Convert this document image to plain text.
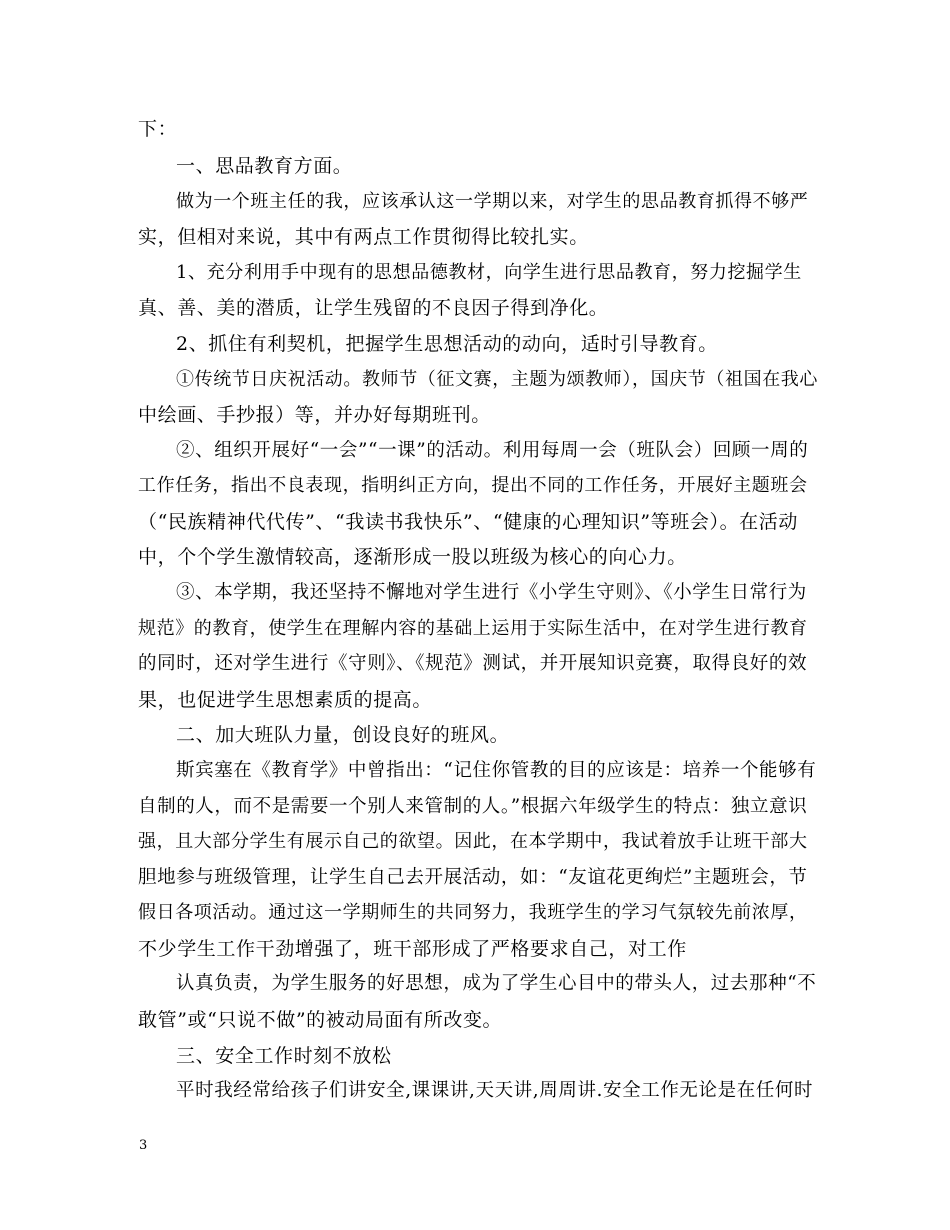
下：
一、思品教育方面。
做为一个班主任的我，应该承认这一学期以来，对学生的思品教育抓得不够严
实，但相对来说，其中有两点工作贯彻得比较扎实。
1、充分利用手中现有的思想品德教材，向学生进行思品教育，努力挖掘学生
真、善、美的潜质，让学生残留的不良因子得到净化。
2、抓住有利契机，把握学生思想活动的动向，适时引导教育。
①传统节日庆祝活动。教师节（征文赛，主题为颂教师），国庆节（祖国在我心
中绘画、手抄报）等，并办好每期班刊。
②、组织开展好“一会”“一课”的活动。利用每周一会（班队会）回顾一周的
工作任务，指出不良表现，指明纠正方向，提出不同的工作任务，开展好主题班会
（“民族精神代代传”、“我读书我快乐”、“健康的心理知识”等班会）。在活动
中，个个学生激情较高，逐渐形成一股以班级为核心的向心力。
③、本学期，我还坚持不懈地对学生进行《小学生守则》、《小学生日常行为
规范》的教育，使学生在理解内容的基础上运用于实际生活中，在对学生进行教育
的同时，还对学生进行《守则》、《规范》测试，并开展知识竞赛，取得良好的效
果，也促进学生思想素质的提高。
二、加大班队力量，创设良好的班风。
斯宾塞在《教育学》中曾指出：“记住你管教的目的应该是：培养一个能够有
自制的人，而不是需要一个别人来管制的人。”根据六年级学生的特点：独立意识
强，且大部分学生有展示自己的欲望。因此，在本学期中，我试着放手让班干部大
胆地参与班级管理，让学生自己去开展活动，如：“友谊花更绚烂”主题班会，节
假日各项活动。通过这一学期师生的共同努力，我班学生的学习气氛较先前浓厚，
不少学生工作干劲增强了，班干部形成了严格要求自己，对工作
认真负责，为学生服务的好思想，成为了学生心目中的带头人，过去那种“不
敢管”或“只说不做”的被动局面有所改变。
三、安全工作时刻不放松
平时我经常给孩子们讲安全,课课讲,天天讲,周周讲.安全工作无论是在任何时
3
